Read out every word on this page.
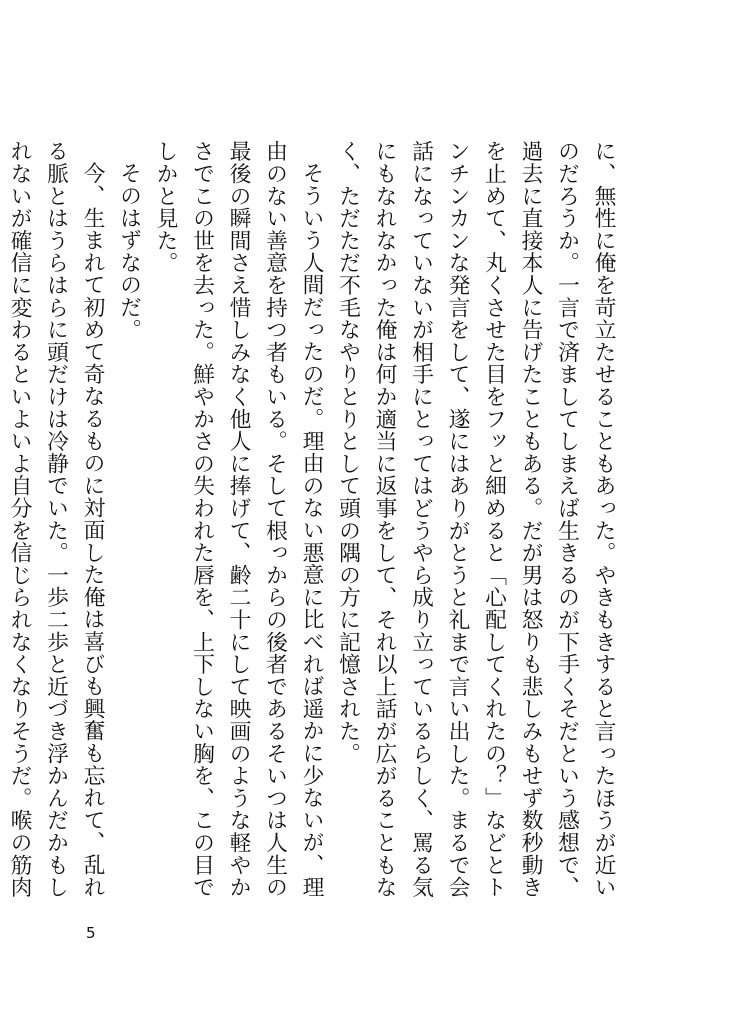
に、無性に俺を苛立たせることもあった。やきもきすると言ったほうが近いのだろうか。一言で済ましてしまえば生きるのが下手くそだという感想で、過去に直接本人に告げたこともある。だが男は怒りも悲しみもせず数秒動きを止めて、丸くさせた目をフッと細めると「心配してくれたの？」などとトンチンカンな発言をして、遂にはありがとうと礼まで言い出した。まるで会話になっていないが相手にとってはどうやら成り立っているらしく、罵る気にもなれなかった俺は何か適当に返事をして、それ以上話が広がることもなく、ただただ不毛なやりとりとして頭の隅の方に記憶された。

そういう人間だったのだ。理由のない悪意に比べれば遥かに少ないが、理由のない善意を持つ者もいる。そして根っからの後者であるそいつは人生の最後の瞬間さえ惜しみなく他人に捧げて、齢二十にして映画のような軽やかさでこの世を去った。鮮やかさの失われた唇を、上下しない胸を、この目でしかと見た。

そのはずなのだ。

今、生まれて初めて奇なるものに対面した俺は喜びも興奮も忘れて、乱れる脈とはうらはらに頭だけは冷静でいた。一歩二歩と近づき浮かんだかもしれないが確信に変わるといよいよ自分を信じられなくなりそうだ。喉の筋肉

5
